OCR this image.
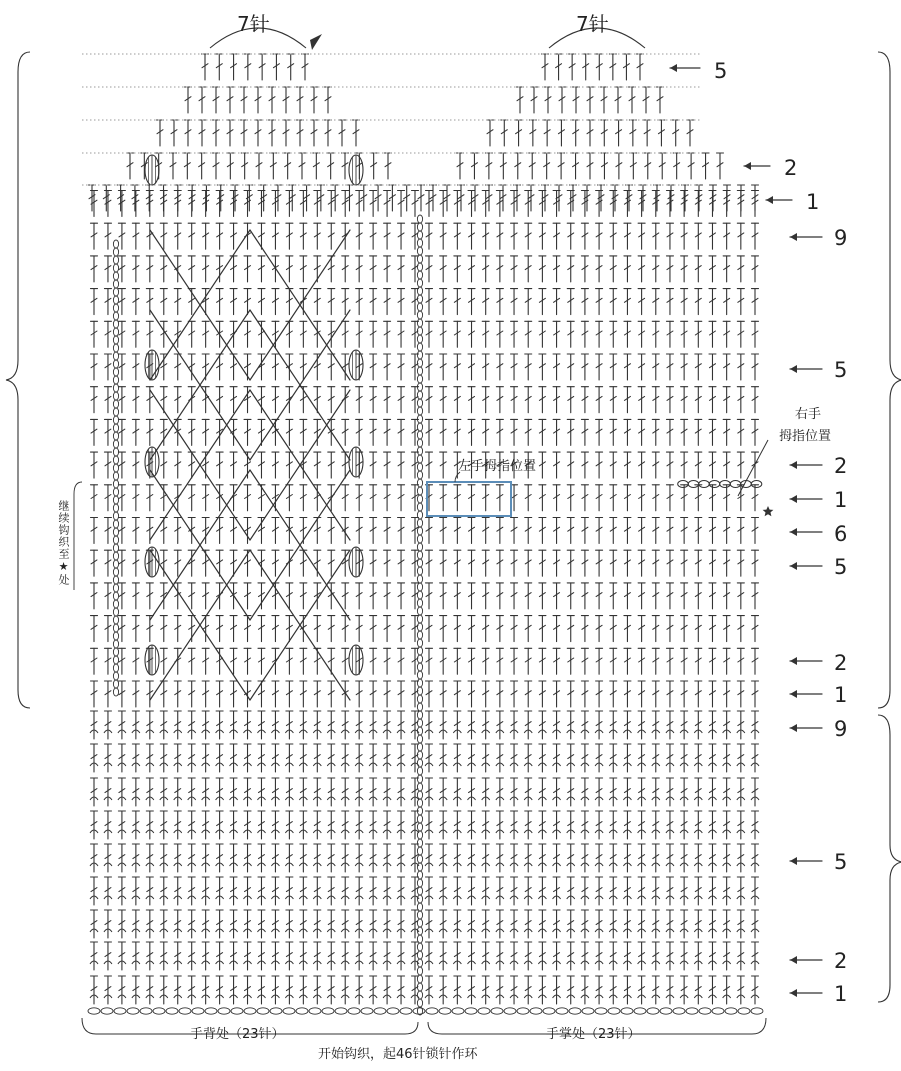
7针	7针
5
2
1
9
5
2
1
6
5
2
1
9
5
2
1
右手
拇指位置
左手拇指位置
继续钩织至★处
手背处（23针）	手掌处（23针）
开始钩织，起46针锁针作环
